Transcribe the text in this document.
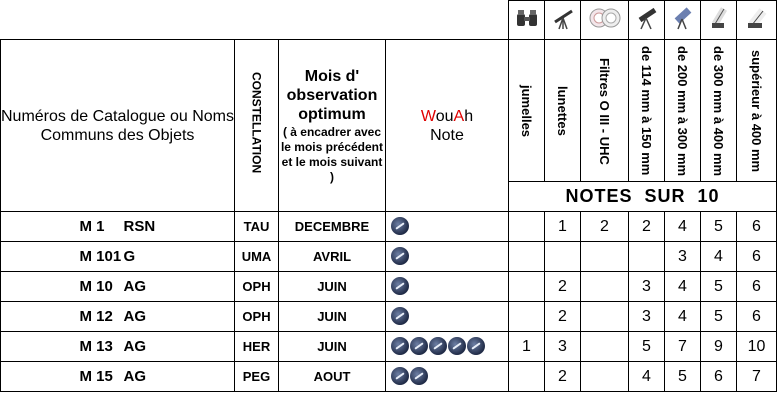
Numéros de Catalogue ou Noms Communs des Objets	CONSTELLATION	Mois d' observation optimum
( à encadrer avec le mois précédent et le mois suivant )	WouAh
Note	jumelles	lunettes	Filtres O III - UHC	de 114 mm à 150 mm	de 200 mm à 300 mm	de 300 mm à 400 mm	supérieur à 400 mm
				NOTES SUR 10						
M 1 RSN	TAU	DECEMBRE			1	2	2	4	5	6
M 101 G	UMA	AVRIL						3	4	6
M 10 AG	OPH	JUIN			2		3	4	5	6
M 12 AG	OPH	JUIN			2		3	4	5	6
M 13 AG	HER	JUIN		1	3		5	7	9	10
M 15 AG	PEG	AOUT			2		4	5	6	7
